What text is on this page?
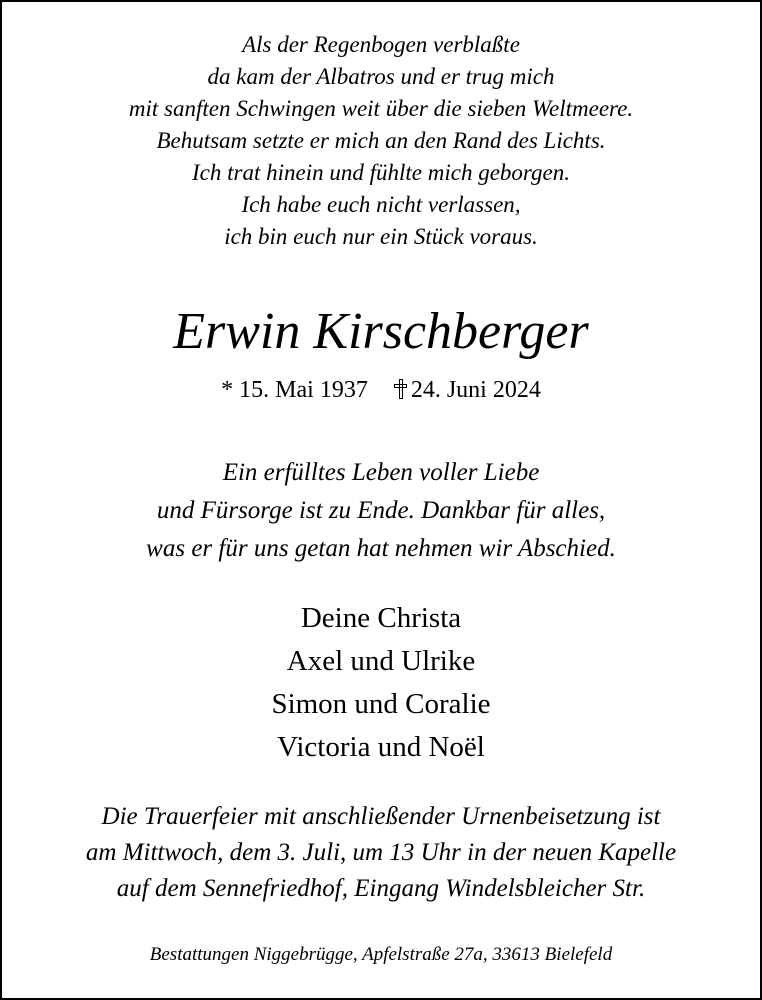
Als der Regenbogen verblaßte
da kam der Albatros und er trug mich
mit sanften Schwingen weit über die sieben Weltmeere.
Behutsam setzte er mich an den Rand des Lichts.
Ich trat hinein und fühlte mich geborgen.
Ich habe euch nicht verlassen,
ich bin euch nur ein Stück voraus.
Erwin Kirschberger
* 15. Mai 1937 24. Juni 2024
Ein erfülltes Leben voller Liebe
und Fürsorge ist zu Ende. Dankbar für alles,
was er für uns getan hat nehmen wir Abschied.
Deine Christa
Axel und Ulrike
Simon und Coralie
Victoria und Noël
Die Trauerfeier mit anschließender Urnenbeisetzung ist
am Mittwoch, dem 3. Juli, um 13 Uhr in der neuen Kapelle
auf dem Sennefriedhof, Eingang Windelsbleicher Str.
Bestattungen Niggebrügge, Apfelstraße 27a, 33613 Bielefeld
